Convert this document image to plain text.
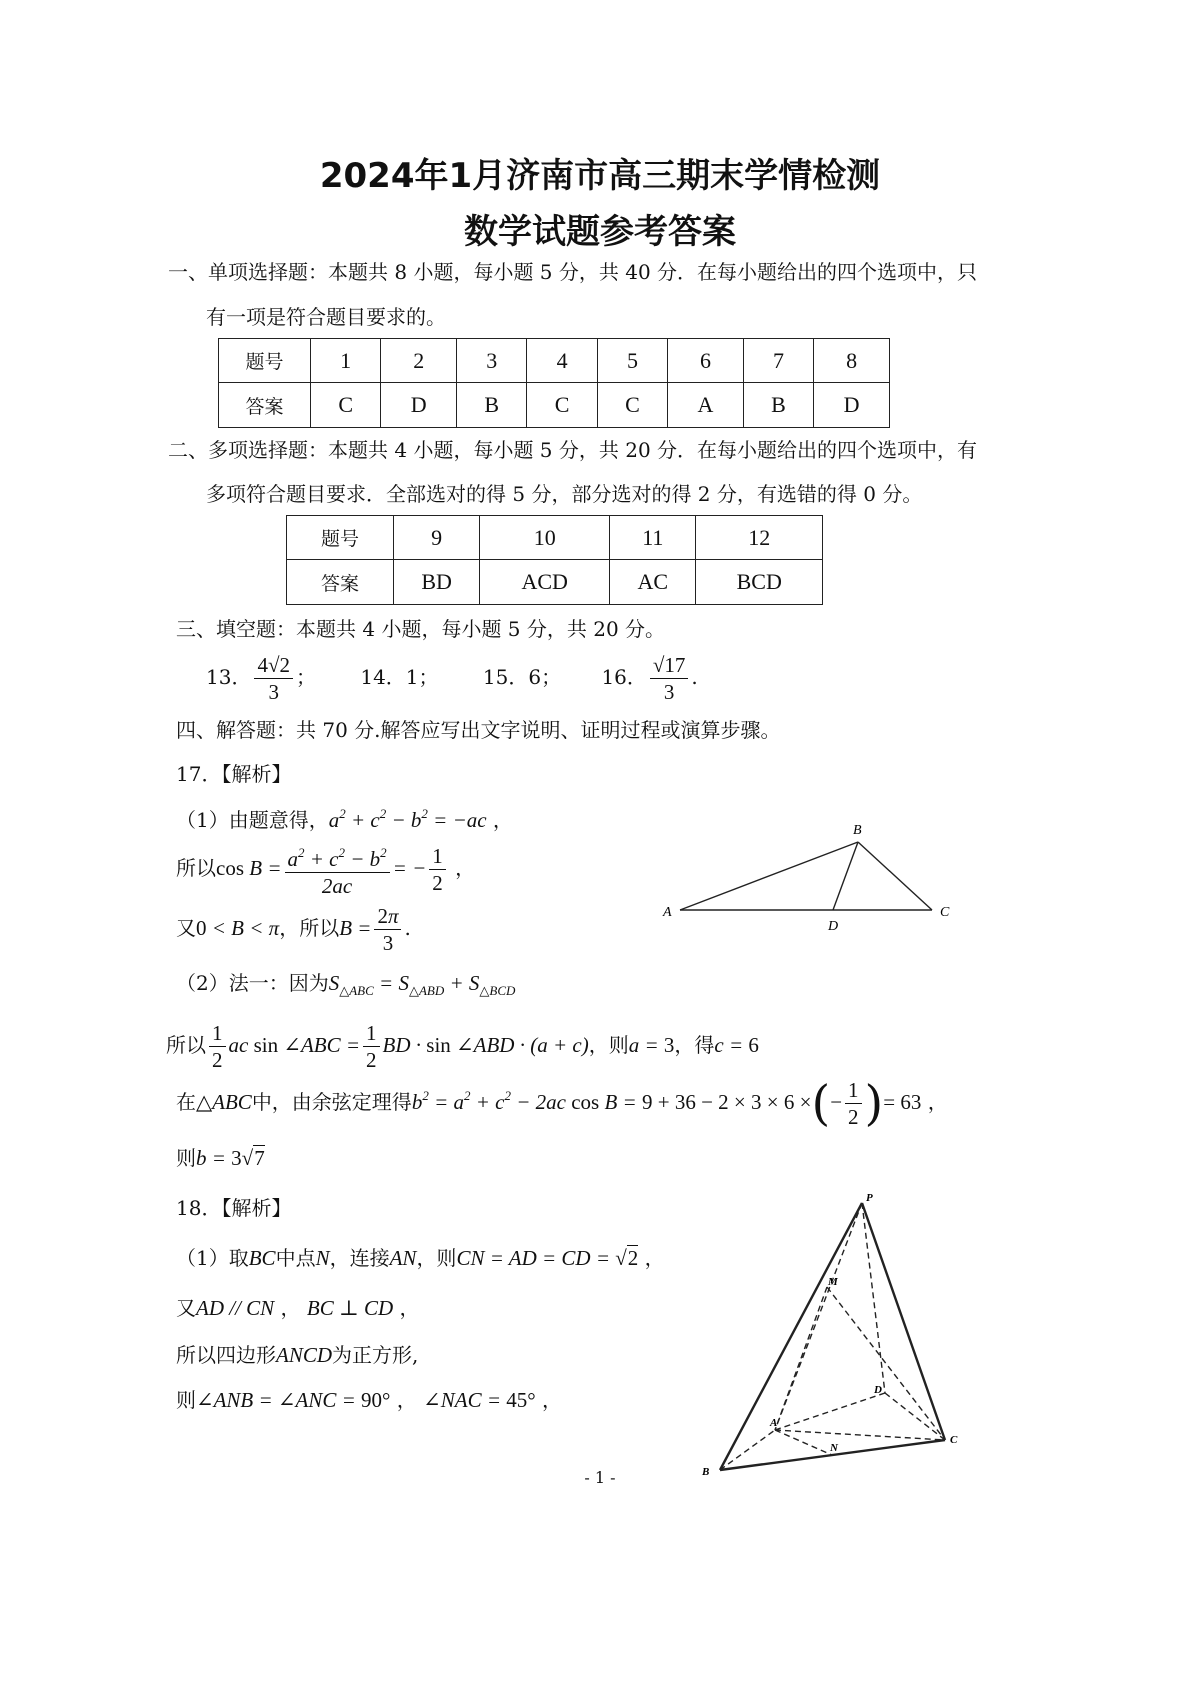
2024年1月济南市高三期末学情检测
数学试题参考答案
一、单项选择题：本题共 8 小题，每小题 5 分，共 40 分．在每小题给出的四个选项中，只
有一项是符合题目要求的。
题号	1	2	3	4	5	6	7	8
答案	C	D	B	C	C	A	B	D
二、多项选择题：本题共 4 小题，每小题 5 分，共 20 分．在每小题给出的四个选项中，有
多项符合题目要求．全部选对的得 5 分，部分选对的得 2 分，有选错的得 0 分。
题号	9	10	11	12
答案	BD	ACD	AC	BCD
三、填空题：本题共 4 小题，每小题 5 分，共 20 分。
13． $\frac{4√2}{3}$ ； 14．1； 15．6； 16． $\frac{√17}{3}$ .
四、解答题：共 70 分.解答应写出文字说明、证明过程或演算步骤。
17．【解析】
（1）由题意得，$a^2 + c^2 - b^2 = -ac$ ，
所以$\cos B = \frac{a^2 + c^2 - b^2}{2ac}$ = − $\frac{1}{2}$ ，
又0 < B < π，所以$B = \frac{2\pi}{3}$ .
（2）法一：因为$S_{\triangle ABC} = S_{\triangle ABD} + S_{\triangle BCD}$
所以 $\frac{1}{2}$ ac sin ∠ABC = $\frac{1}{2}$ BD · sin ∠ABD · (a + c)，则a = 3，得c = 6
在△ABC中，由余弦定理得$b^2 = a^2 + c^2 - 2ac$ cos B = 9 + 36 − 2 × 3 × 6 ×(− $\frac{1}{2}$ )= 63 ，
则b = 3√7
18．【解析】
（1）取BC中点N，连接AN，则CN = AD = CD = √2 ，
又AD // CN ， BC ⊥ CD ，
所以四边形ANCD为正方形,
则∠ANB = ∠ANC = 90° ， ∠NAC = 45° ，
A
B
C
D
P
M
D
A
N
B
C
- 1 -
